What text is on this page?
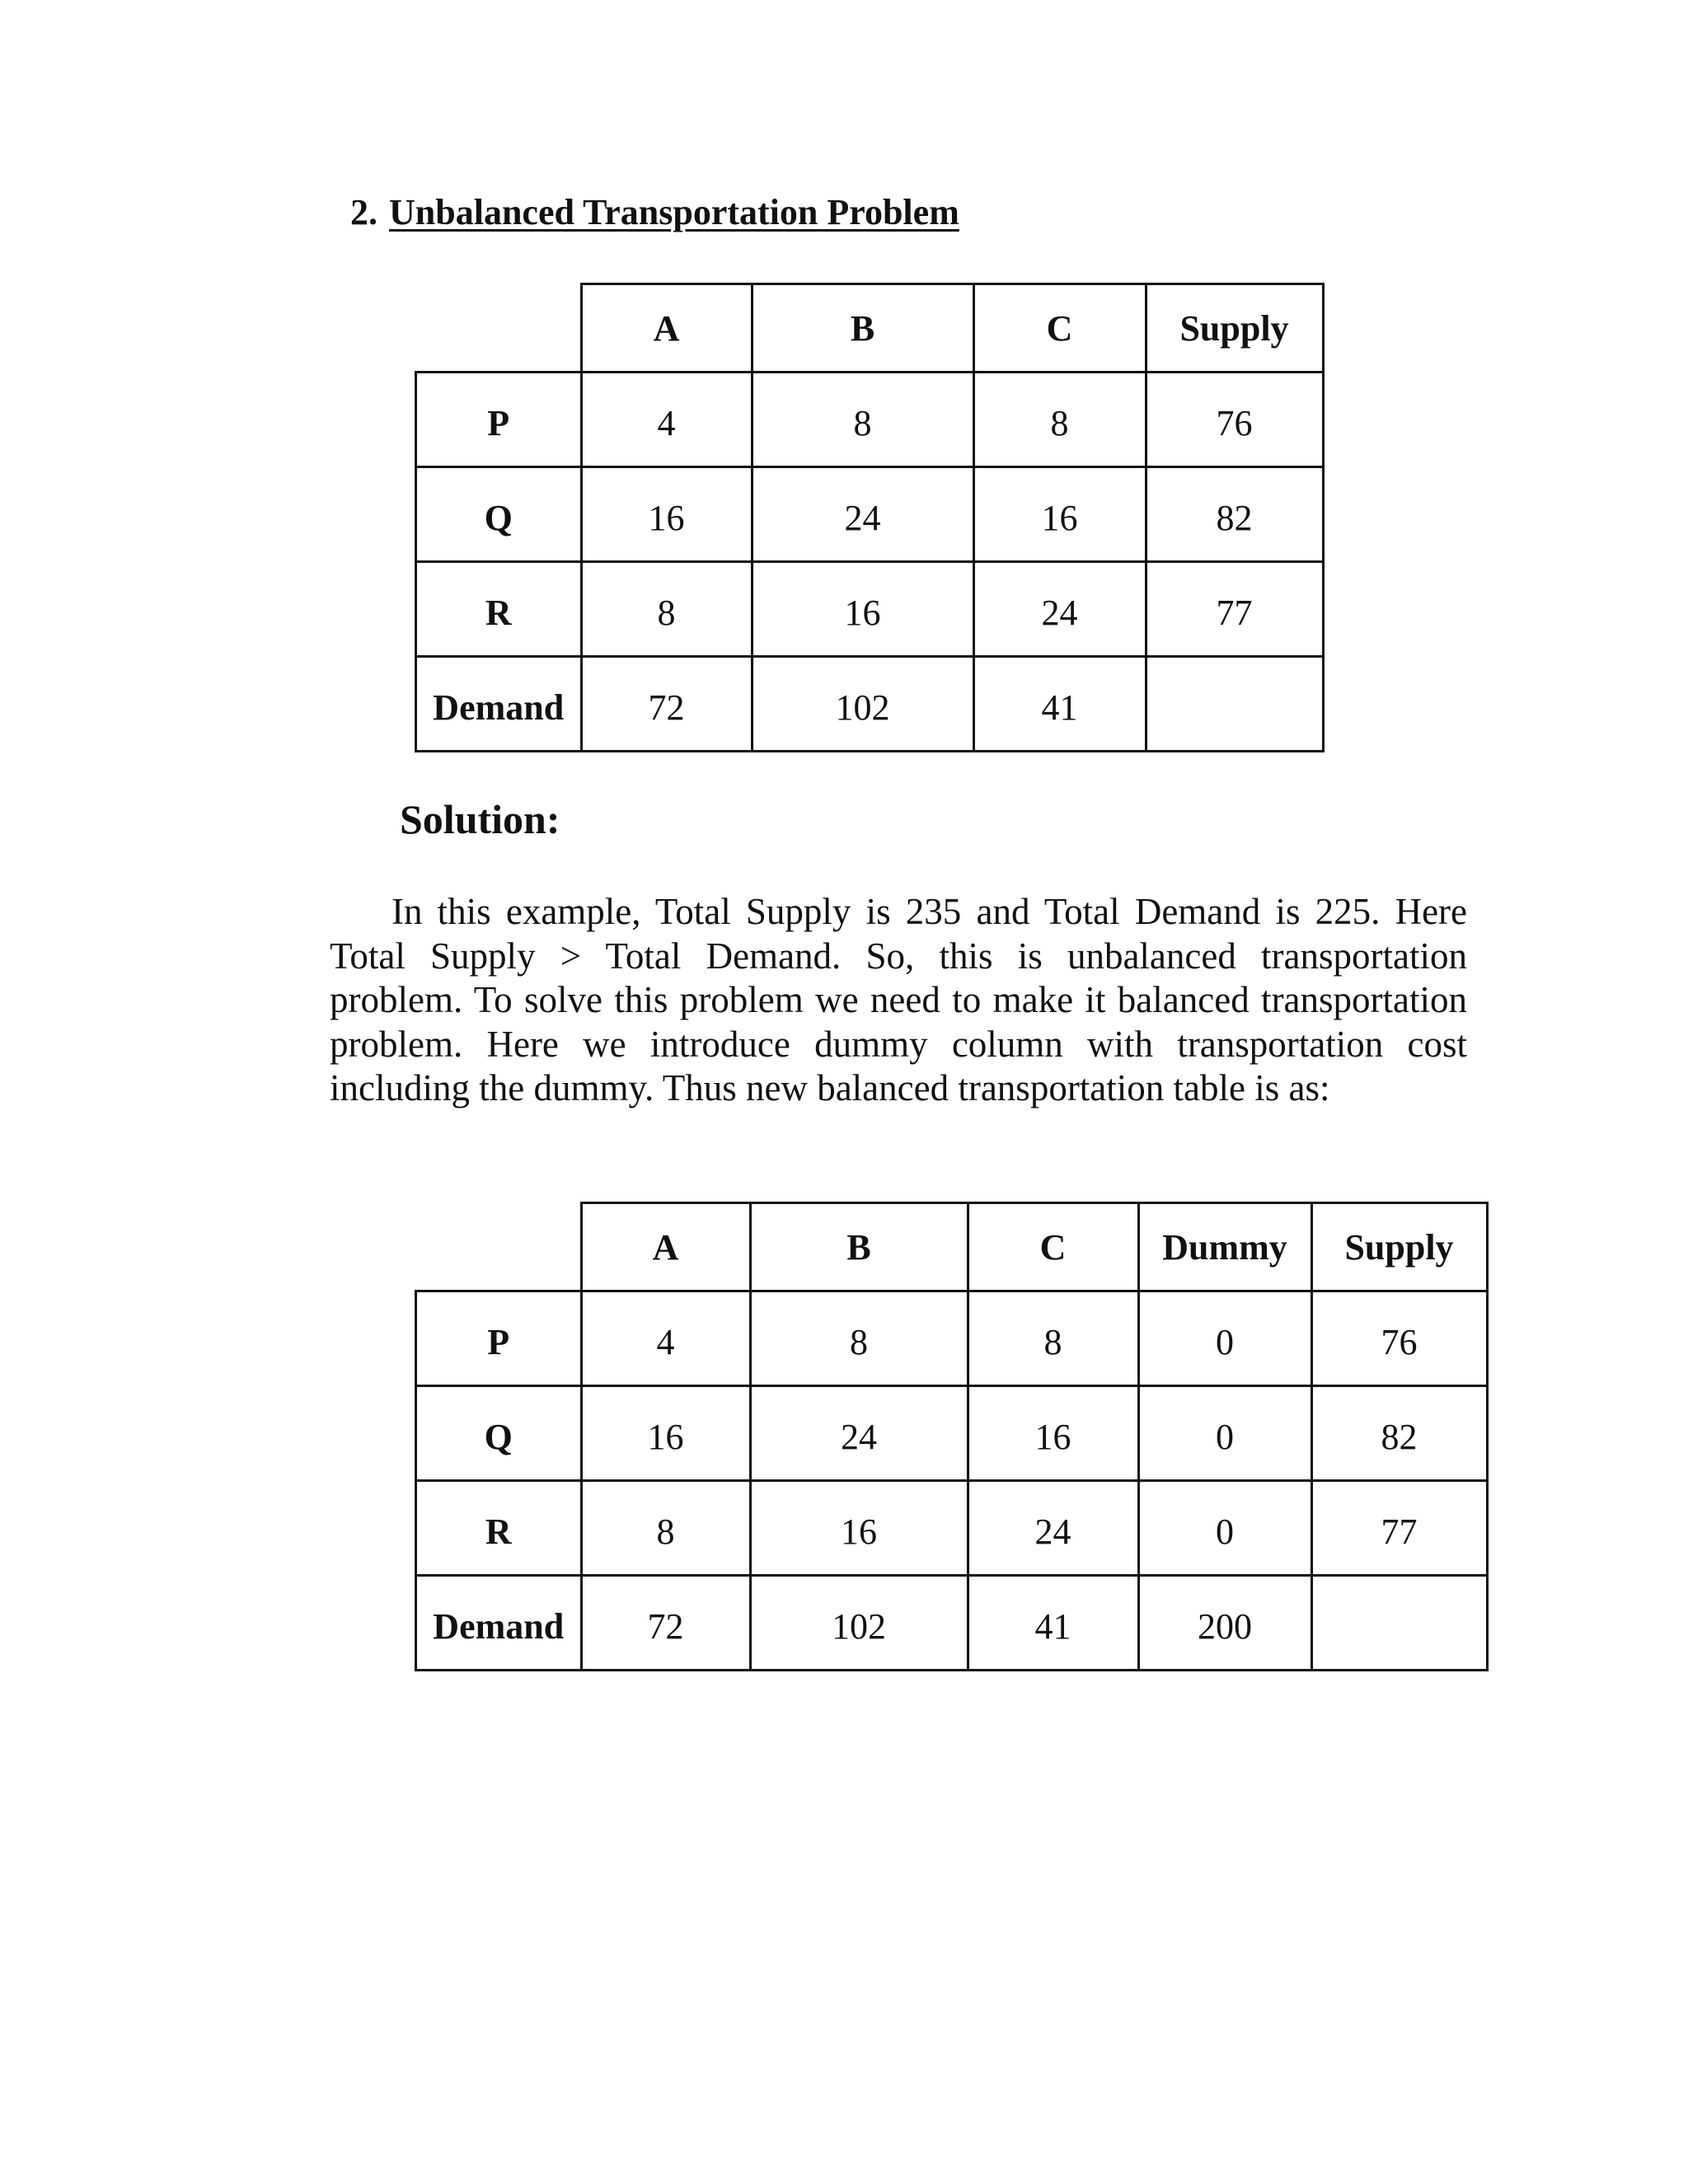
2. Unbalanced Transportation Problem
	A	B	C	Supply
P	4	8	8	76
Q	16	24	16	82
R	8	16	24	77
Demand	72	102	41	
Solution:
In this example, Total Supply is 235 and Total Demand is 225. Here Total Supply > Total Demand. So, this is unbalanced transportation problem. To solve this problem we need to make it balanced transportation problem. Here we introduce dummy column with transportation cost including the dummy. Thus new balanced transportation table is as:
	A	B	C	Dummy	Supply
P	4	8	8	0	76
Q	16	24	16	0	82
R	8	16	24	0	77
Demand	72	102	41	200	
